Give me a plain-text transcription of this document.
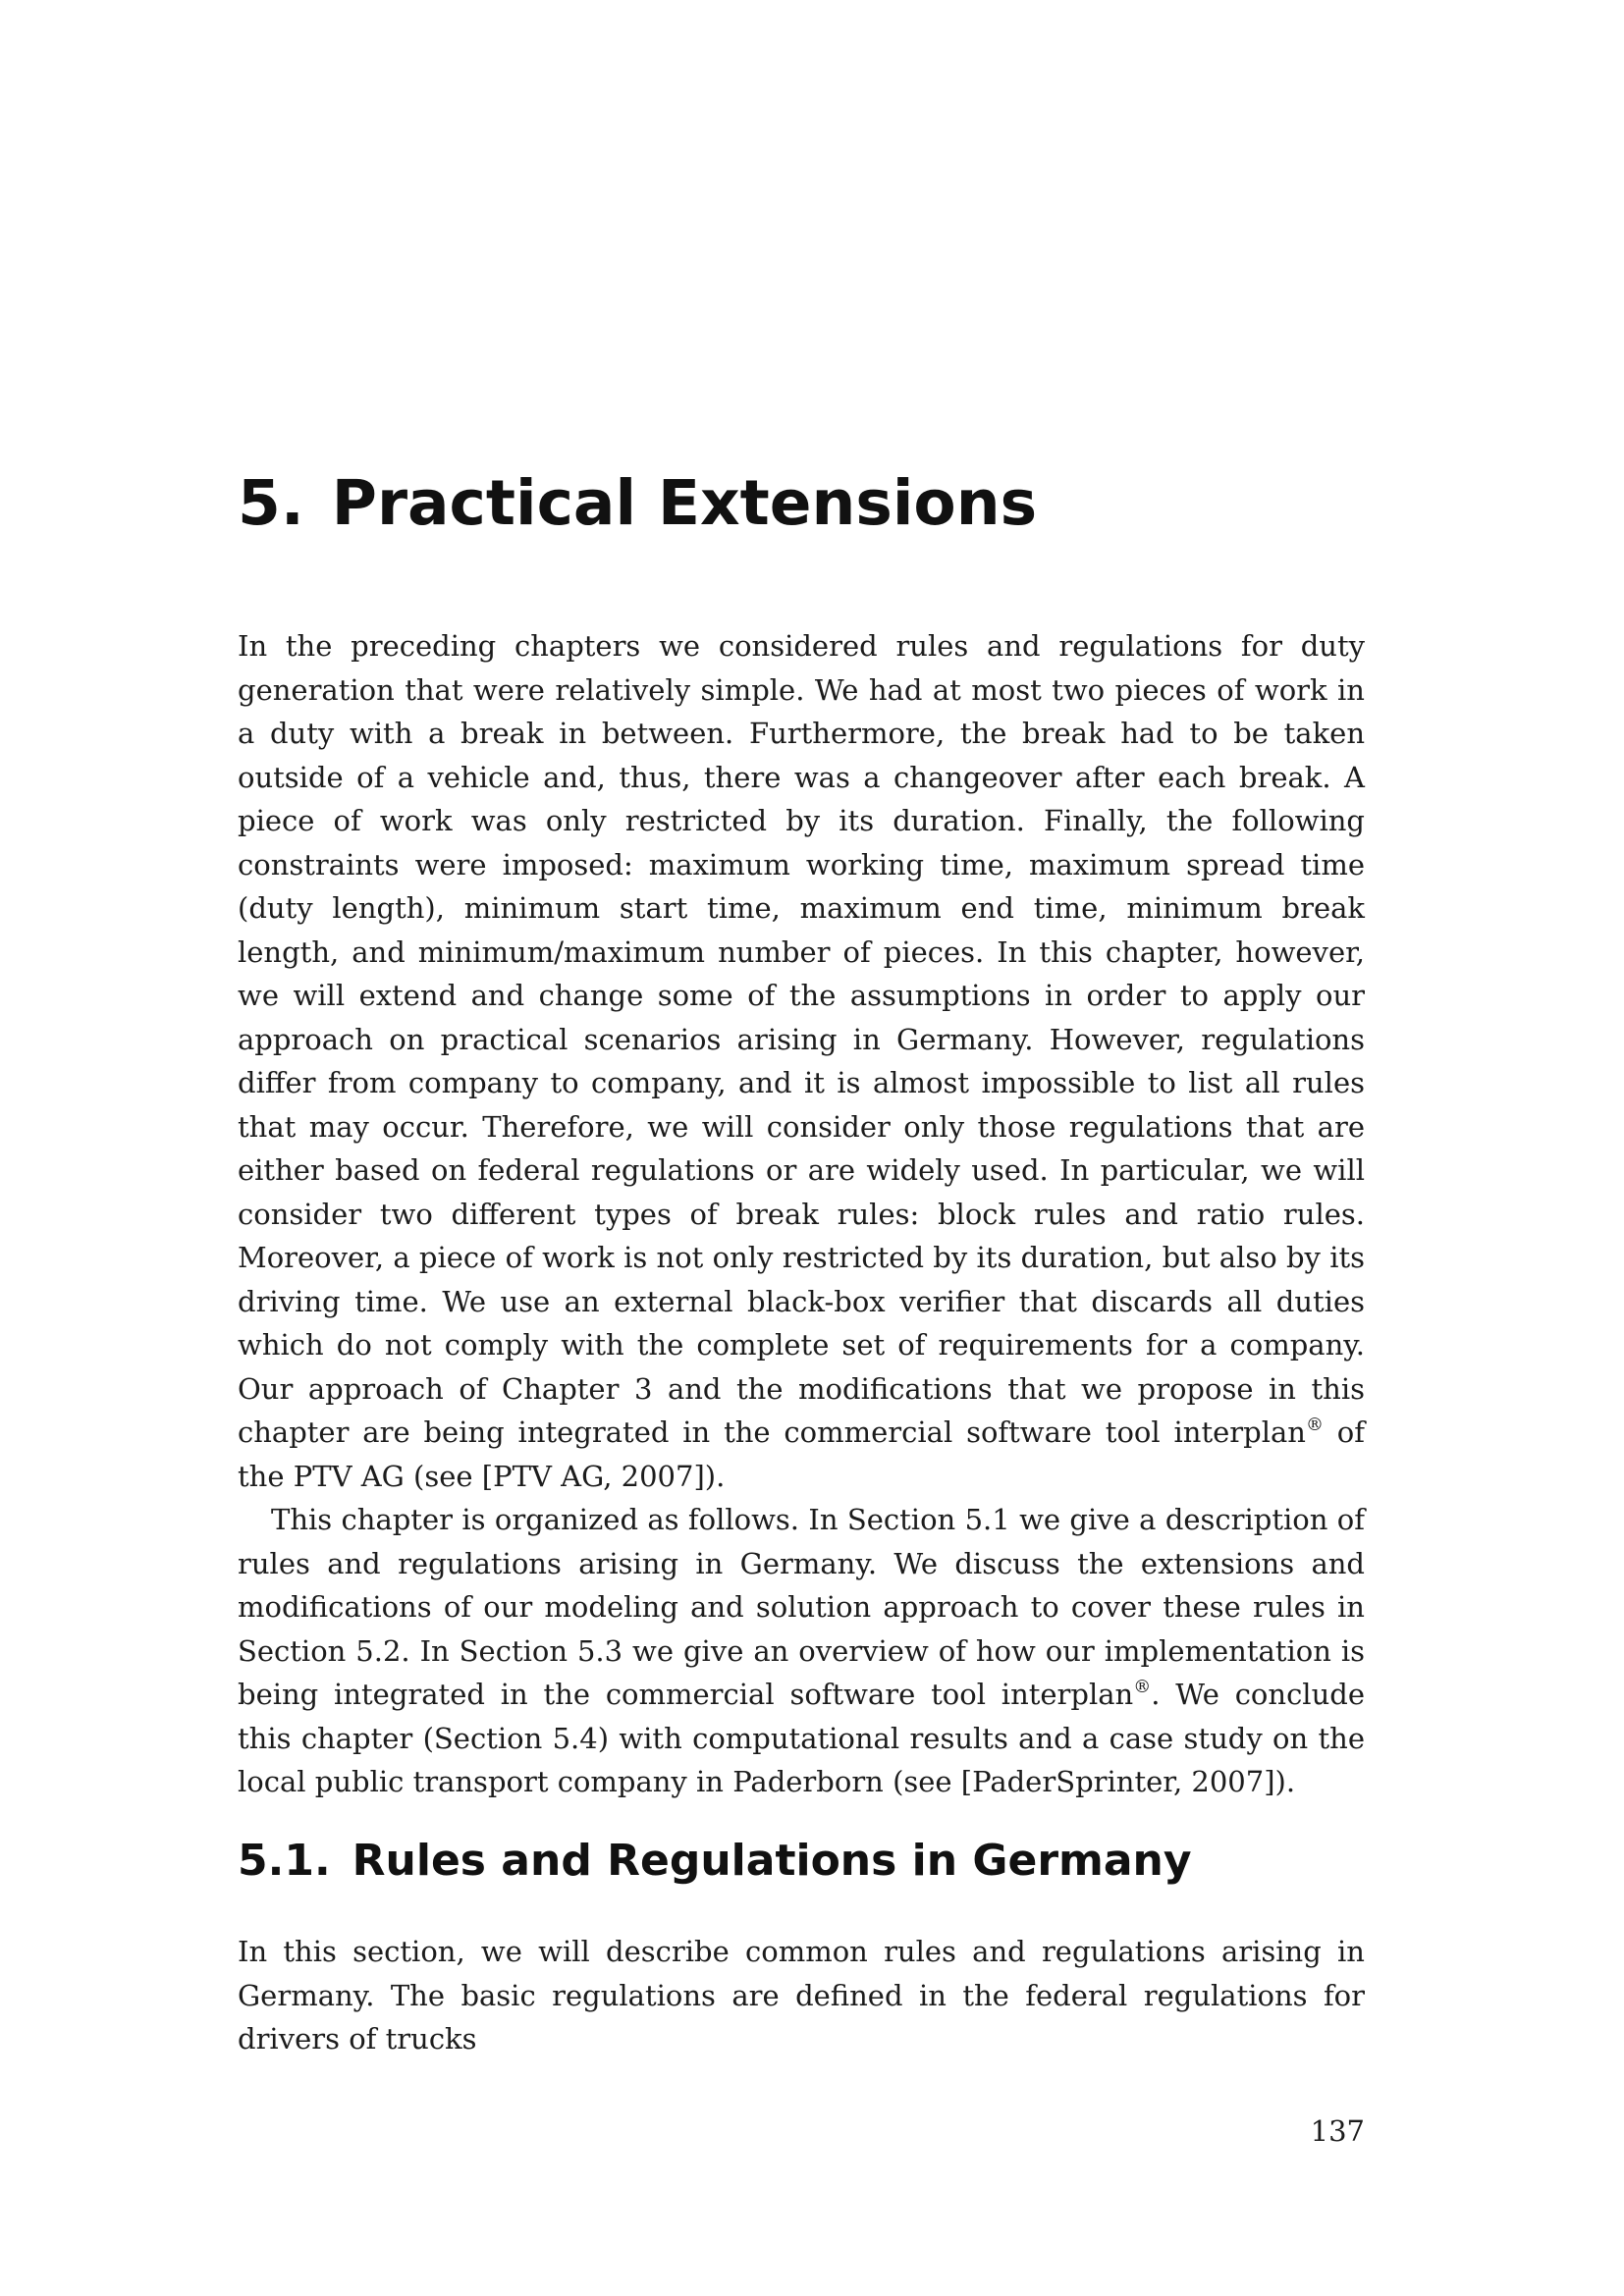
5. Practical Extensions

In the preceding chapters we considered rules and regulations for duty generation that were relatively simple. We had at most two pieces of work in a duty with a break in between. Furthermore, the break had to be taken outside of a vehicle and, thus, there was a changeover after each break. A piece of work was only restricted by its duration. Finally, the following constraints were imposed: maximum working time, maximum spread time (duty length), minimum start time, maximum end time, minimum break length, and minimum/maximum number of pieces. In this chapter, however, we will extend and change some of the assumptions in order to apply our approach on practical scenarios arising in Germany. However, regulations differ from company to company, and it is almost impossible to list all rules that may occur. Therefore, we will consider only those regulations that are either based on federal regulations or are widely used. In particular, we will consider two different types of break rules: block rules and ratio rules. Moreover, a piece of work is not only restricted by its duration, but also by its driving time. We use an external black-box verifier that discards all duties which do not comply with the complete set of requirements for a company. Our approach of Chapter 3 and the modifications that we propose in this chapter are being integrated in the commercial software tool interplan® of the PTV AG (see [PTV AG, 2007]).

This chapter is organized as follows. In Section 5.1 we give a description of rules and regulations arising in Germany. We discuss the extensions and modifications of our modeling and solution approach to cover these rules in Section 5.2. In Section 5.3 we give an overview of how our implementation is being integrated in the commercial software tool interplan®. We conclude this chapter (Section 5.4) with computational results and a case study on the local public transport company in Paderborn (see [PaderSprinter, 2007]).

5.1. Rules and Regulations in Germany

In this section, we will describe common rules and regulations arising in Germany. The basic regulations are defined in the federal regulations for drivers of trucks

137
